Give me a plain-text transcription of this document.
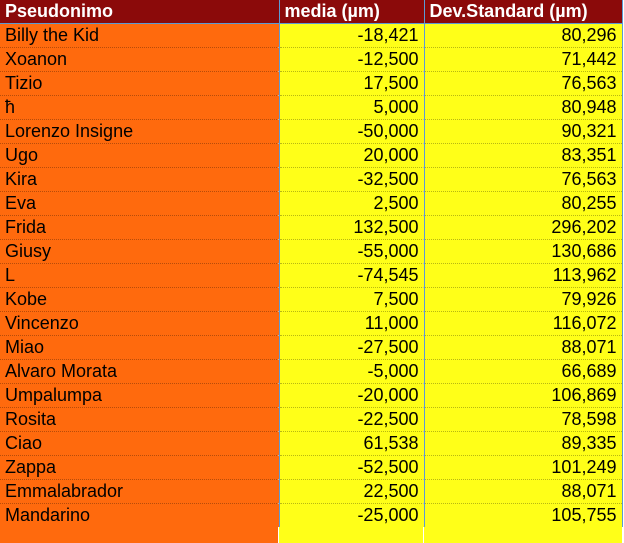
Pseudonimo	media (µm)	Dev.Standard (µm)
Billy the Kid	-18,421	80,296
Xoanon	-12,500	71,442
Tizio	17,500	76,563
ħ	5,000	80,948
Lorenzo Insigne	-50,000	90,321
Ugo	20,000	83,351
Kira	-32,500	76,563
Eva	2,500	80,255
Frida	132,500	296,202
Giusy	-55,000	130,686
L	-74,545	113,962
Kobe	7,500	79,926
Vincenzo	11,000	116,072
Miao	-27,500	88,071
Alvaro Morata	-5,000	66,689
Umpalumpa	-20,000	106,869
Rosita	-22,500	78,598
Ciao	61,538	89,335
Zappa	-52,500	101,249
Emmalabrador	22,500	88,071
Mandarino	-25,000	105,755
